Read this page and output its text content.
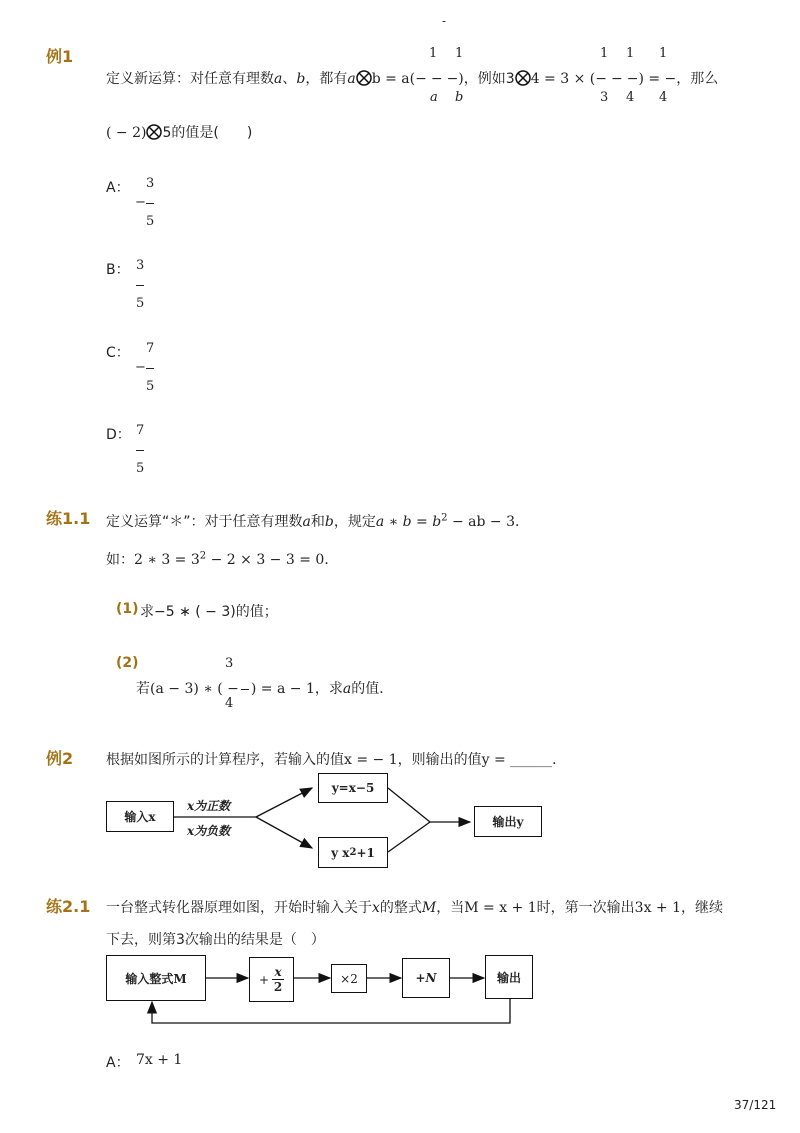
-
37/121
例1	1 1	1 1 1
定义新运算：对任意有理数a、b，都有a b = a(−−−)，例如3 4 = 3 × (−−−) = −，那么
a b	3 4 4
( − 2) 5的值是(　　)
A： 3
−
5
B： 3
5
C： 7
−
5
D： 7
5
练1.1 定义运算“＊”：对于任意有理数a和b，规定a ∗ $b = b^2$ − ab − 3．
如：2 ∗ $3 = 3^2 - 2 \times 3 - 3 = 0$．
(1) 求−5 ∗ ( − 3)的值；
(2)	3
若(a − 3) ∗ ( − ) = a − 1，求a的值．
4
例2 根据如图所示的计算程序，若输入的值x = − 1，则输出的值y = ______．
输入x
x为正数
x为负数
y=x−5
y x 2 +1
输出y
练2.1 一台整式转化器原理如图，开始时输入关于x的整式M，当M = x + 1时，第一次输出3x + 1，继续
下去，则第3次输出的结果是（　）
输入整式M	+
x
2
×2	+N	输出
A： 7x + 1
